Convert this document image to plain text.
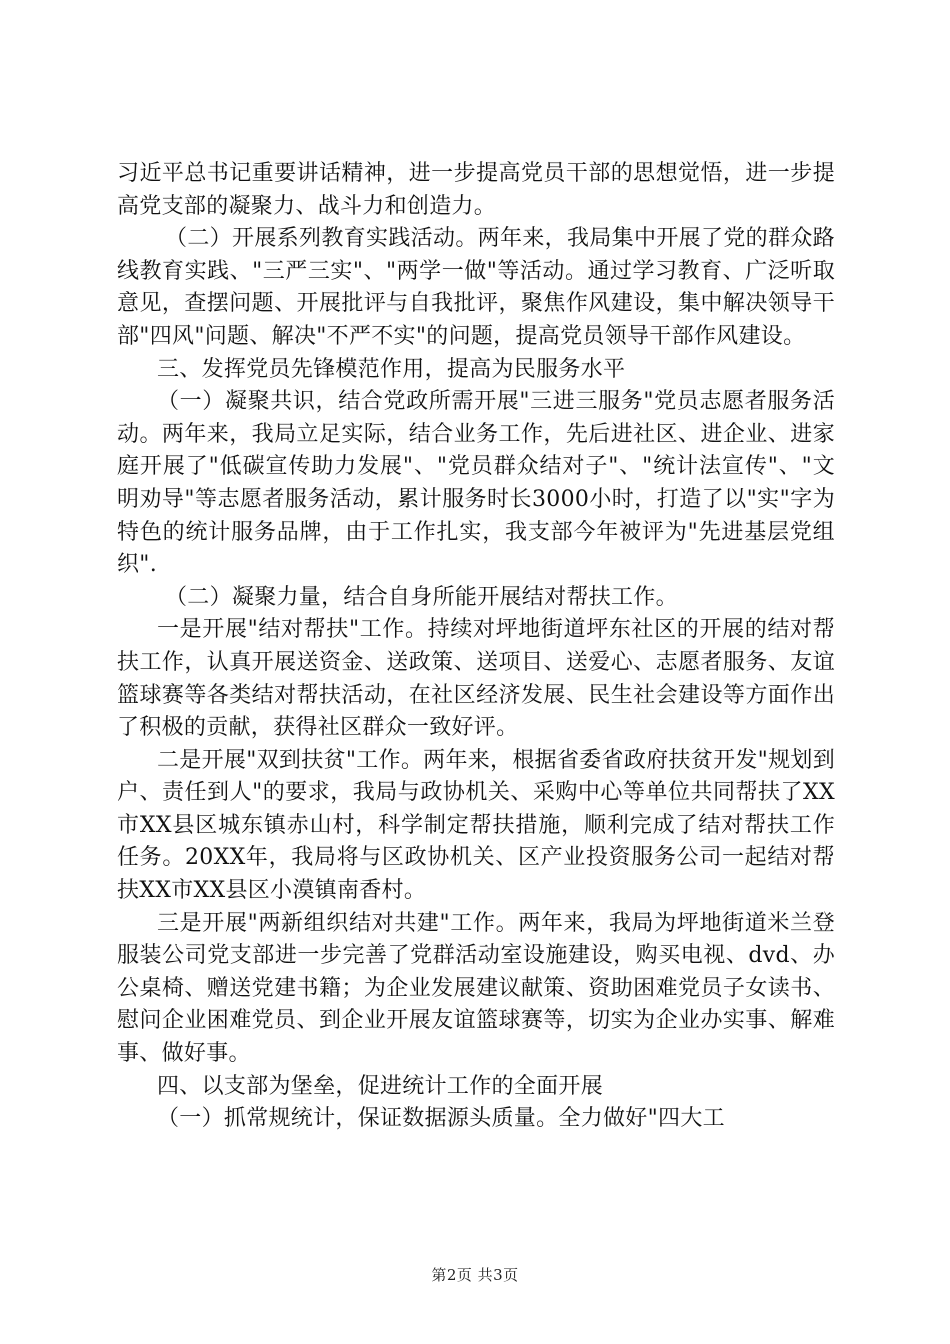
习近平总书记重要讲话精神，进一步提高党员干部的思想觉悟，进一步提高党支部的凝聚力、战斗力和创造力。

（二）开展系列教育实践活动。两年来，我局集中开展了党的群众路线教育实践、"三严三实"、"两学一做"等活动。通过学习教育、广泛听取意见，查摆问题、开展批评与自我批评，聚焦作风建设，集中解决领导干部"四风"问题、解决"不严不实"的问题，提高党员领导干部作风建设。

三、发挥党员先锋模范作用，提高为民服务水平

（一）凝聚共识，结合党政所需开展"三进三服务"党员志愿者服务活动。两年来，我局立足实际，结合业务工作，先后进社区、进企业、进家庭开展了"低碳宣传助力发展"、"党员群众结对子"、"统计法宣传"、"文明劝导"等志愿者服务活动，累计服务时长3000小时，打造了以"实"字为特色的统计服务品牌，由于工作扎实，我支部今年被评为"先进基层党组织".

（二）凝聚力量，结合自身所能开展结对帮扶工作。

一是开展"结对帮扶"工作。持续对坪地街道坪东社区的开展的结对帮扶工作，认真开展送资金、送政策、送项目、送爱心、志愿者服务、友谊篮球赛等各类结对帮扶活动，在社区经济发展、民生社会建设等方面作出了积极的贡献，获得社区群众一致好评。

二是开展"双到扶贫"工作。两年来，根据省委省政府扶贫开发"规划到户、责任到人"的要求，我局与政协机关、采购中心等单位共同帮扶了XX市XX县区城东镇赤山村，科学制定帮扶措施，顺利完成了结对帮扶工作任务。20XX年，我局将与区政协机关、区产业投资服务公司一起结对帮扶XX市XX县区小漠镇南香村。

三是开展"两新组织结对共建"工作。两年来，我局为坪地街道米兰登服装公司党支部进一步完善了党群活动室设施建设，购买电视、dvd、办公桌椅、赠送党建书籍；为企业发展建议献策、资助困难党员子女读书、慰问企业困难党员、到企业开展友谊篮球赛等，切实为企业办实事、解难事、做好事。

四、以支部为堡垒，促进统计工作的全面开展

（一）抓常规统计，保证数据源头质量。全力做好"四大工

第2页 共3页
